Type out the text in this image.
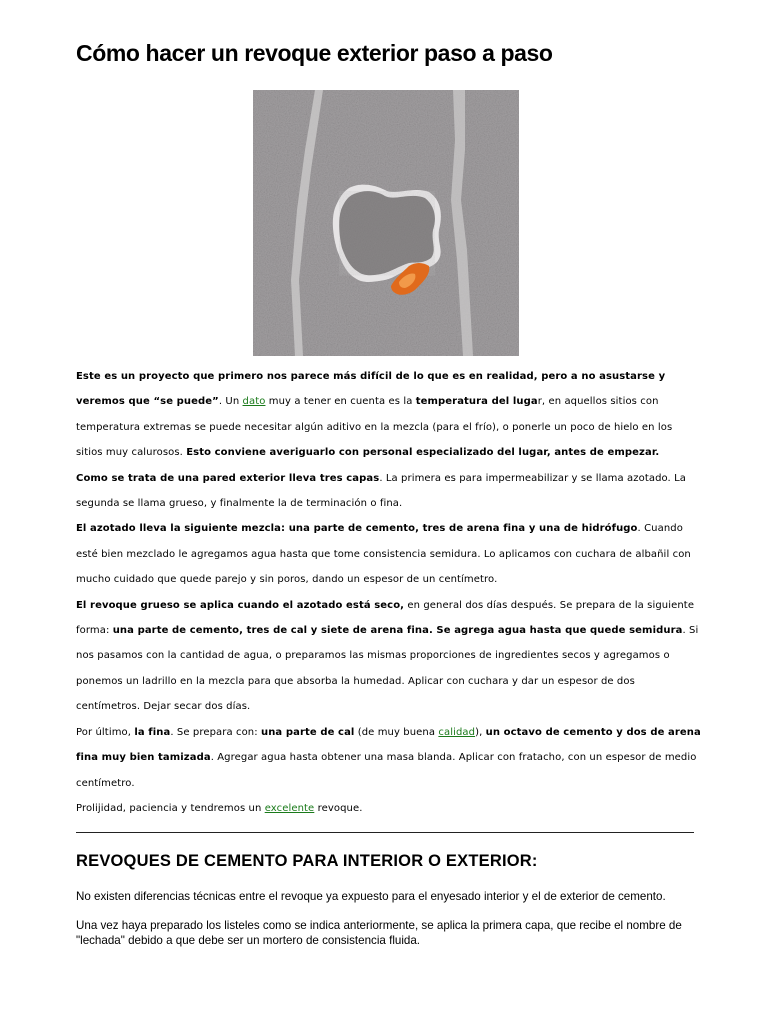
Cómo hacer un revoque exterior paso a paso
Este es un proyecto que primero nos parece más difícil de lo que es en realidad, pero a no asustarse y
veremos que “se puede”. Un dato muy a tener en cuenta es la temperatura del lugar, en aquellos sitios con
temperatura extremas se puede necesitar algún aditivo en la mezcla (para el frío), o ponerle un poco de hielo en los
sitios muy calurosos. Esto conviene averiguarlo con personal especializado del lugar, antes de empezar.
Como se trata de una pared exterior lleva tres capas. La primera es para impermeabilizar y se llama azotado. La
segunda se llama grueso, y finalmente la de terminación o fina.
El azotado lleva la siguiente mezcla: una parte de cemento, tres de arena fina y una de hidrófugo. Cuando
esté bien mezclado le agregamos agua hasta que tome consistencia semidura. Lo aplicamos con cuchara de albañil con
mucho cuidado que quede parejo y sin poros, dando un espesor de un centímetro.
El revoque grueso se aplica cuando el azotado está seco, en general dos días después. Se prepara de la siguiente
forma: una parte de cemento, tres de cal y siete de arena fina. Se agrega agua hasta que quede semidura. Si
nos pasamos con la cantidad de agua, o preparamos las mismas proporciones de ingredientes secos y agregamos o
ponemos un ladrillo en la mezcla para que absorba la humedad. Aplicar con cuchara y dar un espesor de dos
centímetros. Dejar secar dos días.
Por último, la fina. Se prepara con: una parte de cal (de muy buena calidad), un octavo de cemento y dos de arena
fina muy bien tamizada. Agregar agua hasta obtener una masa blanda. Aplicar con fratacho, con un espesor de medio
centímetro.
Prolijidad, paciencia y tendremos un excelente revoque.
REVOQUES DE CEMENTO PARA INTERIOR O EXTERIOR:

No existen diferencias técnicas entre el revoque ya expuesto para el enyesado interior y el de exterior de cemento.

Una vez haya preparado los listeles como se indica anteriormente, se aplica la primera capa, que recibe el nombre de "lechada" debido a que debe ser un mortero de consistencia fluida.
